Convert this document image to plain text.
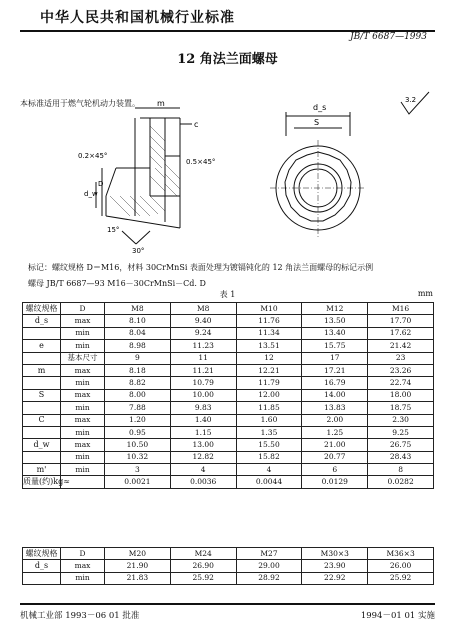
中华人民共和国机械行业标准
JB/T 6687—1993
12 角法兰面螺母
本标准适用于燃气轮机动力装置。 m
c
0.2×45°
0.5×45°
d_w
D
30°
15°
d_s
S
3.2
标记：螺纹规格 D＝M16，材料 30CrMnSi 表面处理为镀镉钝化的 12 角法兰面螺母的标记示例
螺母 JB/T 6687—93 M16－30CrMnSi－Cd. D
表 1	mm
螺纹规格	D	M8	M8	M10	M12	M16
d_s	max	8.10	9.40	11.76	13.50	17.70
	min	8.04	9.24	11.34	13.40	17.62
e	min	8.98	11.23	13.51	15.75	21.42
	基本尺寸	9	11	12	17	23
m	max	8.18	11.21	12.21	17.21	23.26
	min	8.82	10.79	11.79	16.79	22.74
S	max	8.00	10.00	12.00	14.00	18.00
	min	7.88	9.83	11.85	13.83	18.75
C	max	1.20	1.40	1.60	2.00	2.30
	min	0.95	1.15	1.35	1.25	9.25
d_w	max	10.50	13.00	15.50	21.00	26.75
	min	10.32	12.82	15.82	20.77	28.43
m'	min	3	4	4	6	8
质量(约)kg≈		0.0021	0.0036	0.0044	0.0129	0.0282
螺纹规格	D	M20	M24	M27	M30×3	M36×3
d_s	max	21.90	26.90	29.00	23.90	26.00
	min	21.83	25.92	28.92	22.92	25.92
机械工业部 1993－06 01 批准	1994－01 01 实施
